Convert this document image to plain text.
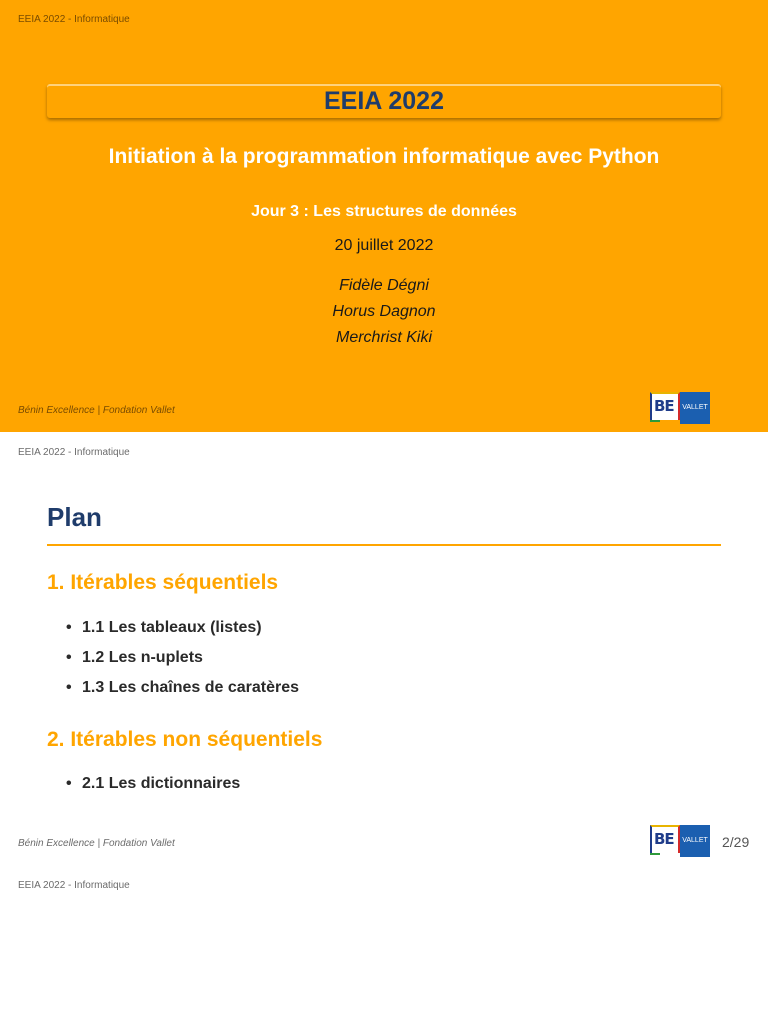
EEIA 2022 - Informatique
EEIA 2022
Initiation à la programmation informatique avec Python
Jour 3 : Les structures de données
20 juillet 2022
Fidèle Dégni
Horus Dagnon
Merchrist Kiki
Bénin Excellence | Fondation Vallet	BE	VALLET
EEIA 2022 - Informatique
Plan
1. Itérables séquentiels
• 1.1 Les tableaux (listes)
• 1.2 Les n-uplets
• 1.3 Les chaînes de caratères
2. Itérables non séquentiels
• 2.1 Les dictionnaires
Bénin Excellence | Fondation Vallet	BE	VALLET 2/29
EEIA 2022 - Informatique
